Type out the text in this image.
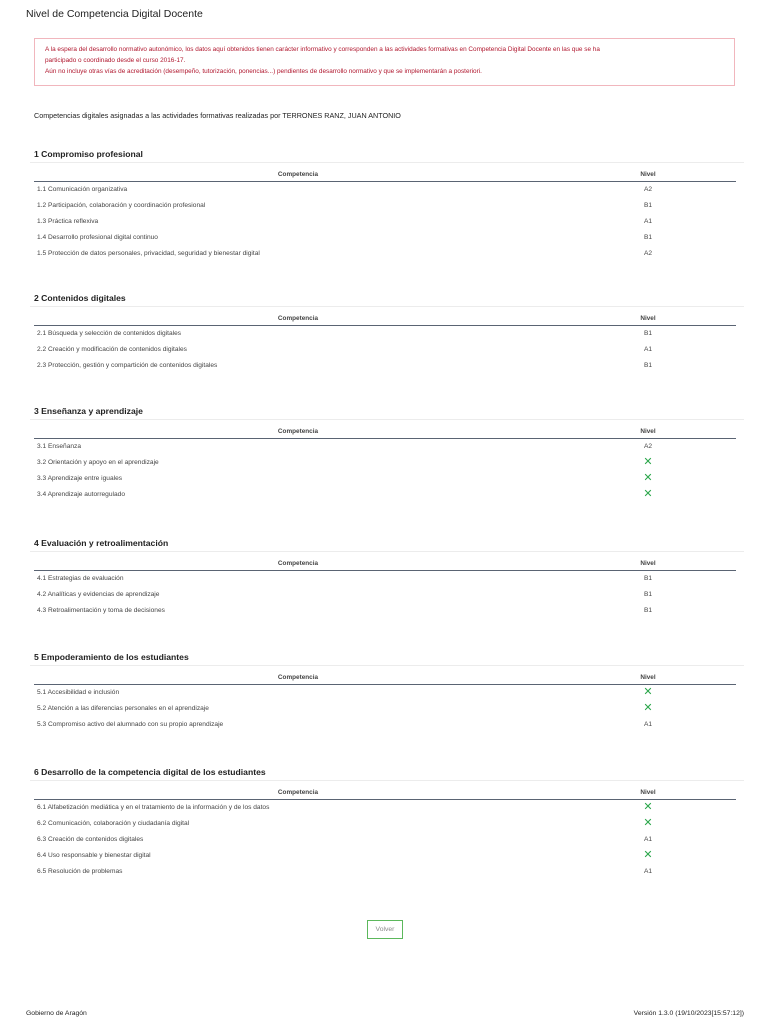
Nivel de Competencia Digital Docente

A la espera del desarrollo normativo autonómico, los datos aquí obtenidos tienen carácter informativo y corresponden a las actividades formativas en Competencia Digital Docente en las que se ha

participado o coordinado desde el curso 2016-17.

Aún no incluye otras vías de acreditación (desempeño, tutorización, ponencias...) pendientes de desarrollo normativo y que se implementarán a posteriori.

Competencias digitales asignadas a las actividades formativas realizadas por TERRONES RANZ, JUAN ANTONIO
1 Compromiso profesional
Competencia	Nivel
1.1 Comunicación organizativa	A2
1.2 Participación, colaboración y coordinación profesional	B1
1.3 Práctica reflexiva	A1
1.4 Desarrollo profesional digital continuo	B1
1.5 Protección de datos personales, privacidad, seguridad y bienestar digital	A2
2 Contenidos digitales
Competencia	Nivel
2.1 Búsqueda y selección de contenidos digitales	B1
2.2 Creación y modificación de contenidos digitales	A1
2.3 Protección, gestión y compartición de contenidos digitales	B1
3 Enseñanza y aprendizaje
Competencia	Nivel
3.1 Enseñanza	A2
3.2 Orientación y apoyo en el aprendizaje	✕
3.3 Aprendizaje entre iguales	✕
3.4 Aprendizaje autorregulado	✕
4 Evaluación y retroalimentación
Competencia	Nivel
4.1 Estrategias de evaluación	B1
4.2 Analíticas y evidencias de aprendizaje	B1
4.3 Retroalimentación y toma de decisiones	B1
5 Empoderamiento de los estudiantes
Competencia	Nivel
5.1 Accesibilidad e inclusión	✕
5.2 Atención a las diferencias personales en el aprendizaje	✕
5.3 Compromiso activo del alumnado con su propio aprendizaje	A1
6 Desarrollo de la competencia digital de los estudiantes
Competencia	Nivel
6.1 Alfabetización mediática y en el tratamiento de la información y de los datos	✕
6.2 Comunicación, colaboración y ciudadanía digital	✕
6.3 Creación de contenidos digitales	A1
6.4 Uso responsable y bienestar digital	✕
6.5 Resolución de problemas	A1
Volver
Gobierno de Aragón	Versión 1.3.0 (19/10/2023[15:57:12])
